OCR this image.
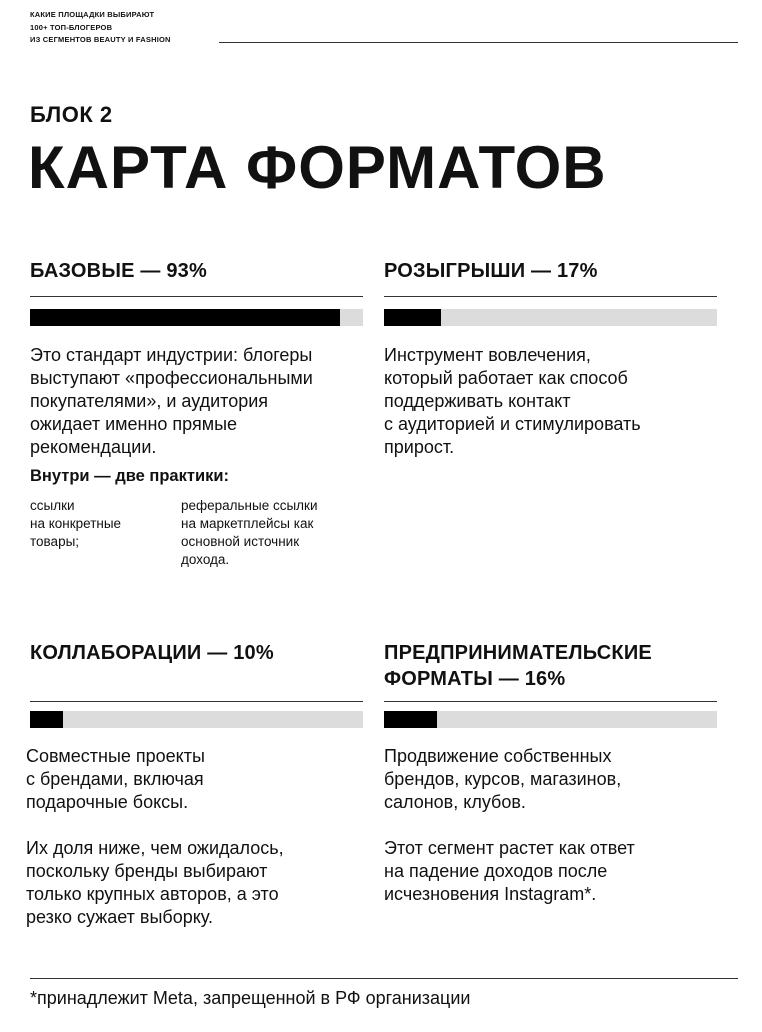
КАКИЕ ПЛОЩАДКИ ВЫБИРАЮТ
100+ ТОП-БЛОГЕРОВ
ИЗ СЕГМЕНТОВ BEAUTY И FASHION
БЛОК 2
КАРТА ФОРМАТОВ
БАЗОВЫЕ — 93%
Это стандарт индустрии: блогеры
выступают «профессиональными
покупателями», и аудитория
ожидает именно прямые
рекомендации.
Внутри — две практики:
ссылки
на конкретные
товары;
реферальные ссылки
на маркетплейсы как
основной источник
дохода.
РОЗЫГРЫШИ — 17%
Инструмент вовлечения,
который работает как способ
поддерживать контакт
с аудиторией и стимулировать
прирост.
КОЛЛАБОРАЦИИ — 10%
Совместные проекты
с брендами, включая
подарочные боксы.

Их доля ниже, чем ожидалось,
поскольку бренды выбирают
только крупных авторов, а это
резко сужает выборку.
ПРЕДПРИНИМАТЕЛЬСКИЕ
ФОРМАТЫ — 16%
Продвижение собственных
брендов, курсов, магазинов,
салонов, клубов.

Этот сегмент растет как ответ
на падение доходов после
исчезновения Instagram*.
*принадлежит Meta, запрещенной в РФ организации
